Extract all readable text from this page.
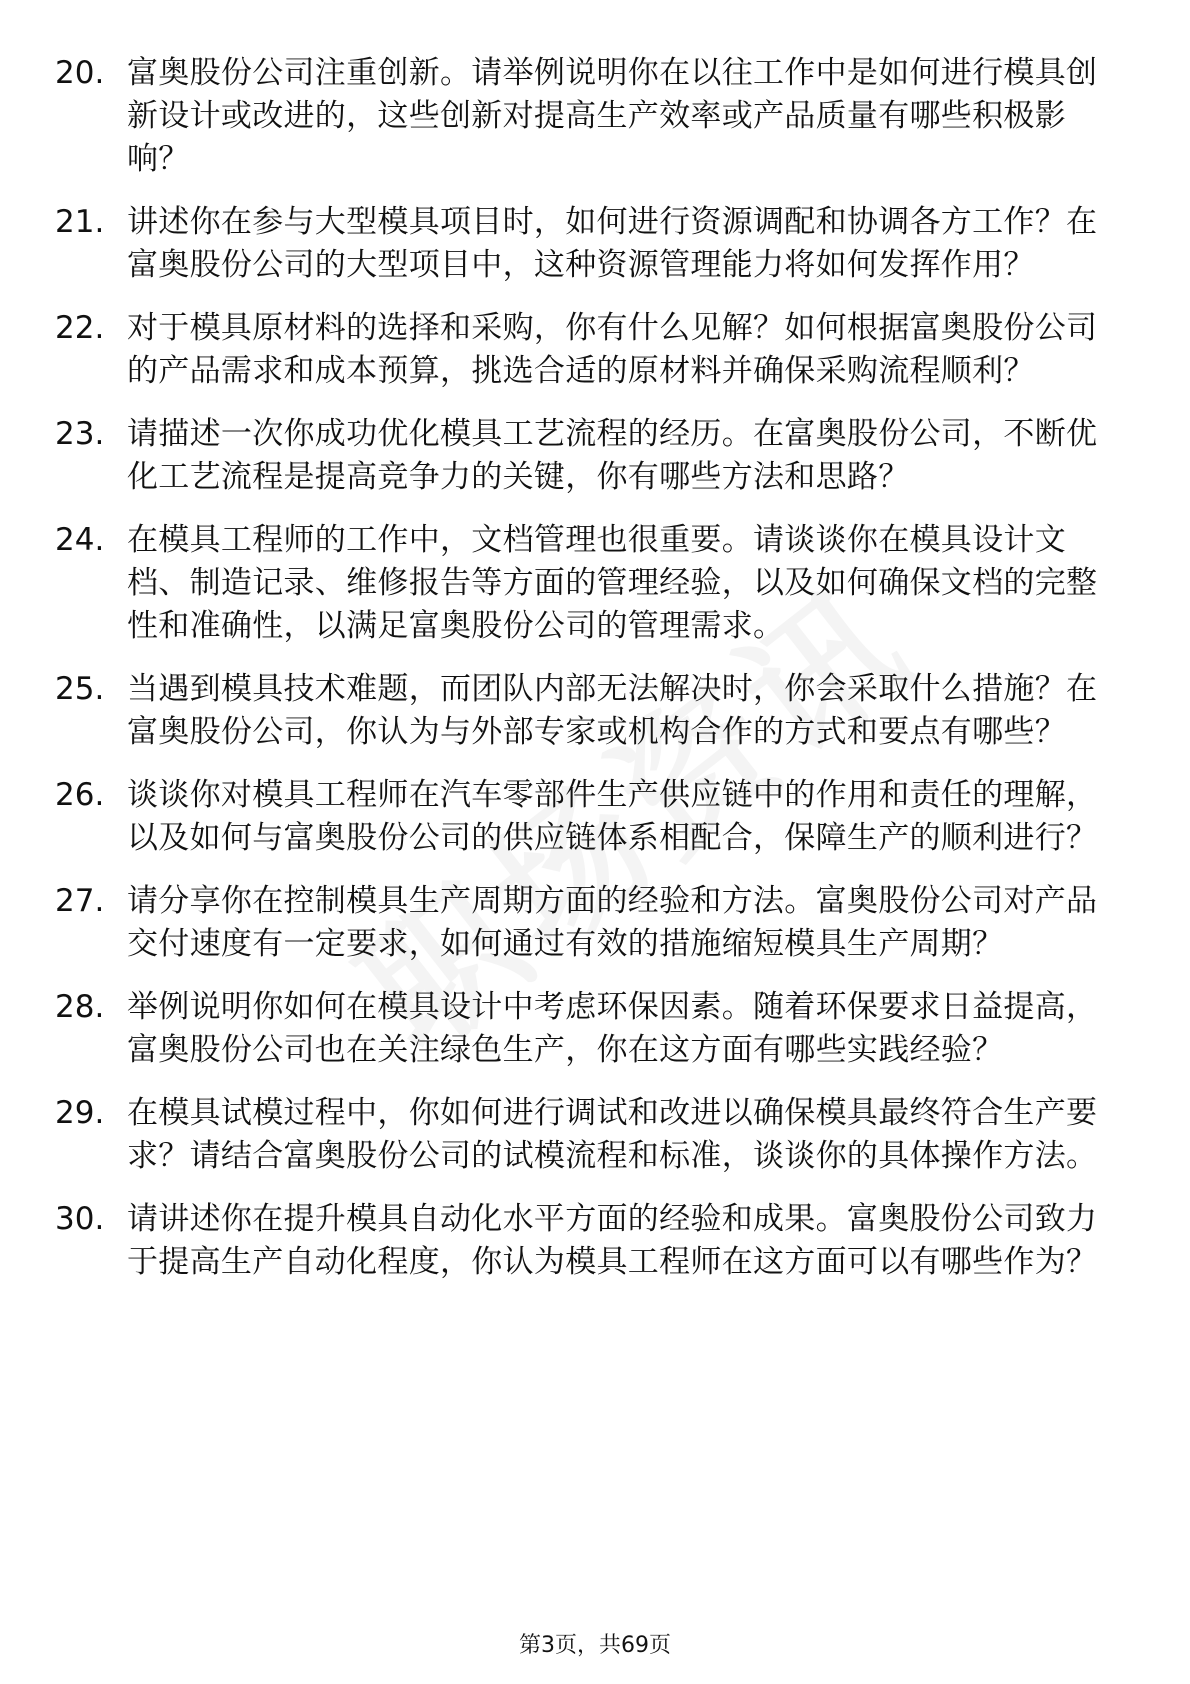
20. 富奥股份公司注重创新。请举例说明你在以往工作中是如何进行模具创新设计或改进的，这些创新对提高生产效率或产品质量有哪些积极影响？
21. 讲述你在参与大型模具项目时，如何进行资源调配和协调各方工作？在富奥股份公司的大型项目中，这种资源管理能力将如何发挥作用？
22. 对于模具原材料的选择和采购，你有什么见解？如何根据富奥股份公司的产品需求和成本预算，挑选合适的原材料并确保采购流程顺利？
23. 请描述一次你成功优化模具工艺流程的经历。在富奥股份公司，不断优化工艺流程是提高竞争力的关键，你有哪些方法和思路？
24. 在模具工程师的工作中，文档管理也很重要。请谈谈你在模具设计文档、制造记录、维修报告等方面的管理经验，以及如何确保文档的完整性和准确性，以满足富奥股份公司的管理需求。
25. 当遇到模具技术难题，而团队内部无法解决时，你会采取什么措施？在富奥股份公司，你认为与外部专家或机构合作的方式和要点有哪些？
26. 谈谈你对模具工程师在汽车零部件生产供应链中的作用和责任的理解，以及如何与富奥股份公司的供应链体系相配合，保障生产的顺利进行？
27. 请分享你在控制模具生产周期方面的经验和方法。富奥股份公司对产品交付速度有一定要求，如何通过有效的措施缩短模具生产周期？
28. 举例说明你如何在模具设计中考虑环保因素。随着环保要求日益提高，富奥股份公司也在关注绿色生产，你在这方面有哪些实践经验？
29. 在模具试模过程中，你如何进行调试和改进以确保模具最终符合生产要求？请结合富奥股份公司的试模流程和标准，谈谈你的具体操作方法。
30. 请讲述你在提升模具自动化水平方面的经验和成果。富奥股份公司致力于提高生产自动化程度，你认为模具工程师在这方面可以有哪些作为？
第3页，共69页
